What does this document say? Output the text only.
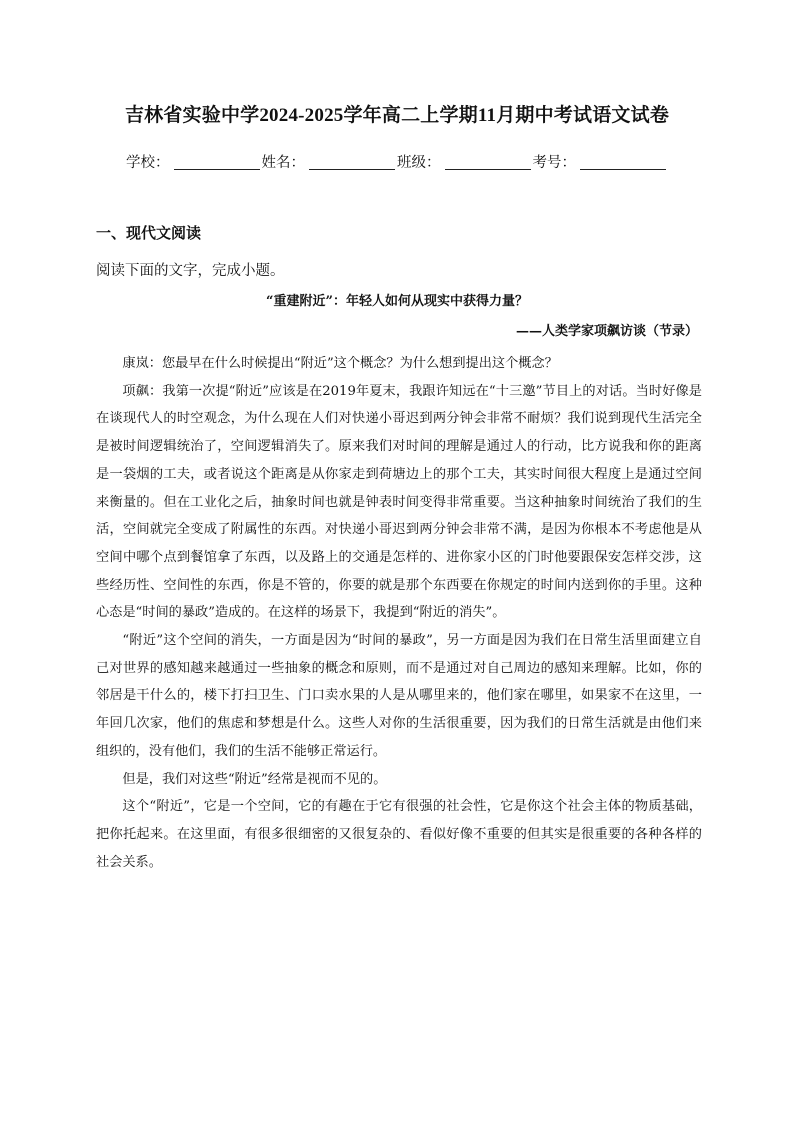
吉林省实验中学2024-2025学年高二上学期11月期中考试语文试卷
学校：	姓名：	班级：	考号：
一、现代文阅读
阅读下面的文字，完成小题。
“重建附近”：年轻人如何从现实中获得力量？
——人类学家项飙访谈（节录）

康岚：您最早在什么时候提出“附近”这个概念？为什么想到提出这个概念？

项飙：我第一次提“附近”应该是在2019年夏末，我跟许知远在“十三邀”节目上的对话。当时好像是在谈现代人的时空观念，为什么现在人们对快递小哥迟到两分钟会非常不耐烦？我们说到现代生活完全是被时间逻辑统治了，空间逻辑消失了。原来我们对时间的理解是通过人的行动，比方说我和你的距离是一袋烟的工夫，或者说这个距离是从你家走到荷塘边上的那个工夫，其实时间很大程度上是通过空间来衡量的。但在工业化之后，抽象时间也就是钟表时间变得非常重要。当这种抽象时间统治了我们的生活，空间就完全变成了附属性的东西。对快递小哥迟到两分钟会非常不满，是因为你根本不考虑他是从空间中哪个点到餐馆拿了东西，以及路上的交通是怎样的、进你家小区的门时他要跟保安怎样交涉，这些经历性、空间性的东西，你是不管的，你要的就是那个东西要在你规定的时间内送到你的手里。这种心态是“时间的暴政”造成的。在这样的场景下，我提到“附近的消失”。

“附近”这个空间的消失，一方面是因为“时间的暴政”，另一方面是因为我们在日常生活里面建立自己对世界的感知越来越通过一些抽象的概念和原则，而不是通过对自己周边的感知来理解。比如，你的邻居是干什么的，楼下打扫卫生、门口卖水果的人是从哪里来的，他们家在哪里，如果家不在这里，一年回几次家，他们的焦虑和梦想是什么。这些人对你的生活很重要，因为我们的日常生活就是由他们来组织的，没有他们，我们的生活不能够正常运行。

但是，我们对这些“附近”经常是视而不见的。

这个“附近”，它是一个空间，它的有趣在于它有很强的社会性，它是你这个社会主体的物质基础，把你托起来。在这里面，有很多很细密的又很复杂的、看似好像不重要的但其实是很重要的各种各样的社会关系。
